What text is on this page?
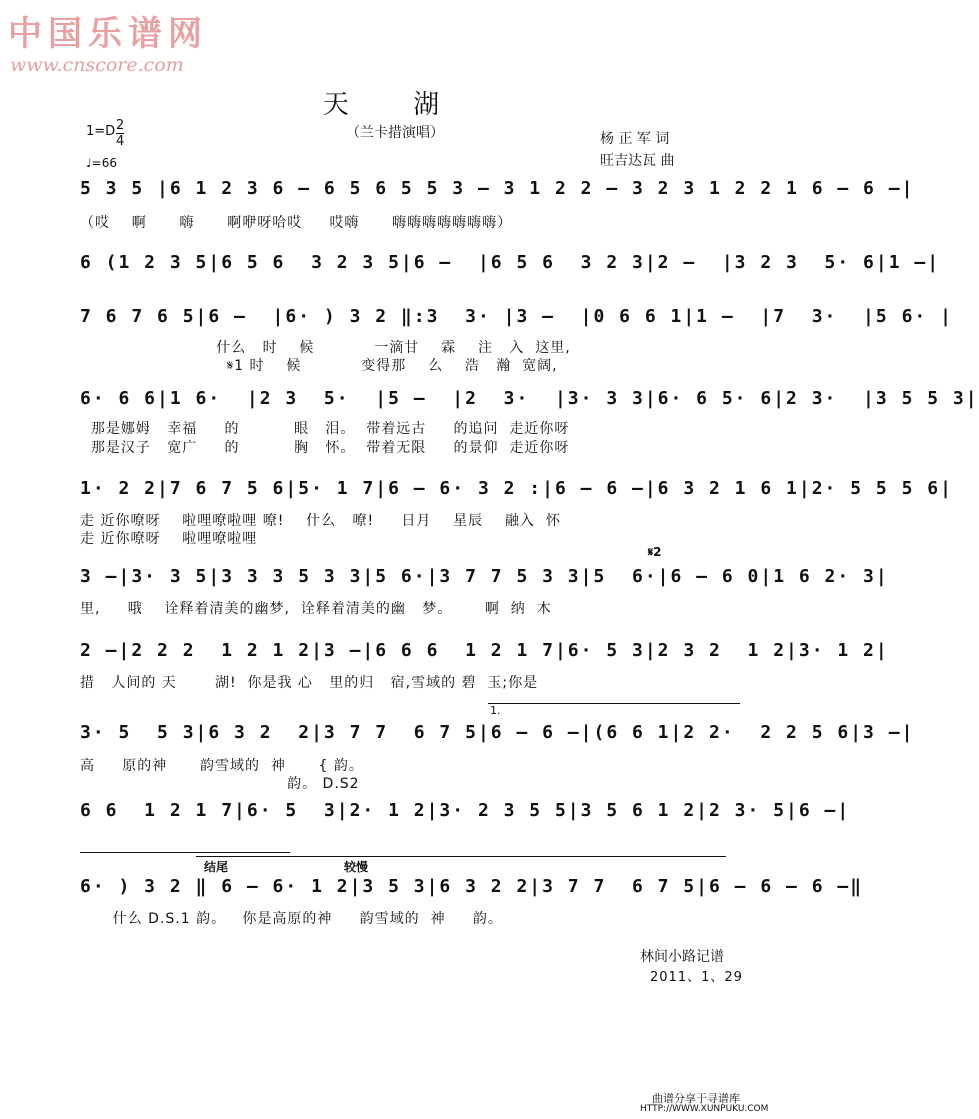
中国乐谱网
www.cnscore.com
天 湖
（兰卡措演唱）	杨 正 军 词
旺吉达瓦 曲
$1=D \frac{2}{4}$
♩=66
5 3 5 |6 1 2 3 6 – 6 5 6 5 5 3 – 3 1 2 2 – 3 2 3 1 2 2 1 6 – 6 –|
（哎    啊      嗨      啊咿呀哈哎     哎嗨      嗨嗨嗨嗨嗨嗨嗨）
6 (1 2 3 5|6 5 6  3 2 3 5|6 –  |6 5 6  3 2 3|2 –  |3 2 3  5· 6|1 –|
7 6 7 6 5|6 –  |6· ) 3 2 ‖:3  3· |3 –  |0 6 6 1|1 –  |7  3·  |5 6· |
什么   时    候           一滴甘    霖    注   入  这里,
𝄋1 时    候           变得那    么    浩   瀚  宽阔,
6· 6 6|1 6·  |2 3  5·  |5 –  |2  3·  |3· 3 3|6· 6 5· 6|2 3·  |3 5 5 3|
那是娜姆   幸福     的          眼   泪。  带着远古     的追问  走近你呀
那是汉子   宽广     的          胸   怀。  带着无限     的景仰  走近你呀
1· 2 2|7 6 7 5 6|5· 1 7|6 – 6· 3 2 :|6 – 6 –|6 3 2 1 6 1|2· 5 5 5 6|
走 近你嘹呀    啦哩嘹啦哩 嘹!    什么   嘹!     日月    星辰    融入  怀
走 近你嘹呀    啦哩嘹啦哩
𝄋2
3 –|3· 3 5|3 3 3 5 3 3|5 6·|3 7 7 5 3 3|5  6·|6 – 6 0|1 6 2· 3|
里,     哦    诠释着清美的幽梦,  诠释着清美的幽   梦。      啊  纳  木
2 –|2 2 2  1 2 1 2|3 –|6 6 6  1 2 1 7|6· 5 3|2 3 2  1 2|3· 1 2|
措   人间的 天       湖!  你是我 心   里的归   宿,雪域的 碧  玉;你是
1.
3· 5  5 3|6 3 2  2|3 7 7  6 7 5|6 – 6 –|(6 6 1|2 2·  2 2 5 6|3 –|
高     原的神      韵雪域的  神      { 韵。
韵。 D.S2
6 6  1 2 1 7|6· 5  3|2· 1 2|3· 2 3 5 5|3 5 6 1 2|2 3· 5|6 –|
结尾	较慢
6· ) 3 2 ‖ 6 – 6· 1 2|3 5 3|6 3 2 2|3 7 7  6 7 5|6 – 6 – 6 –‖
什么 D.S.1 韵。   你是高原的神     韵雪域的  神     韵。
林间小路记谱
2011、1、29
曲谱分享于寻谱库
HTTP://WWW.XUNPUKU.COM
